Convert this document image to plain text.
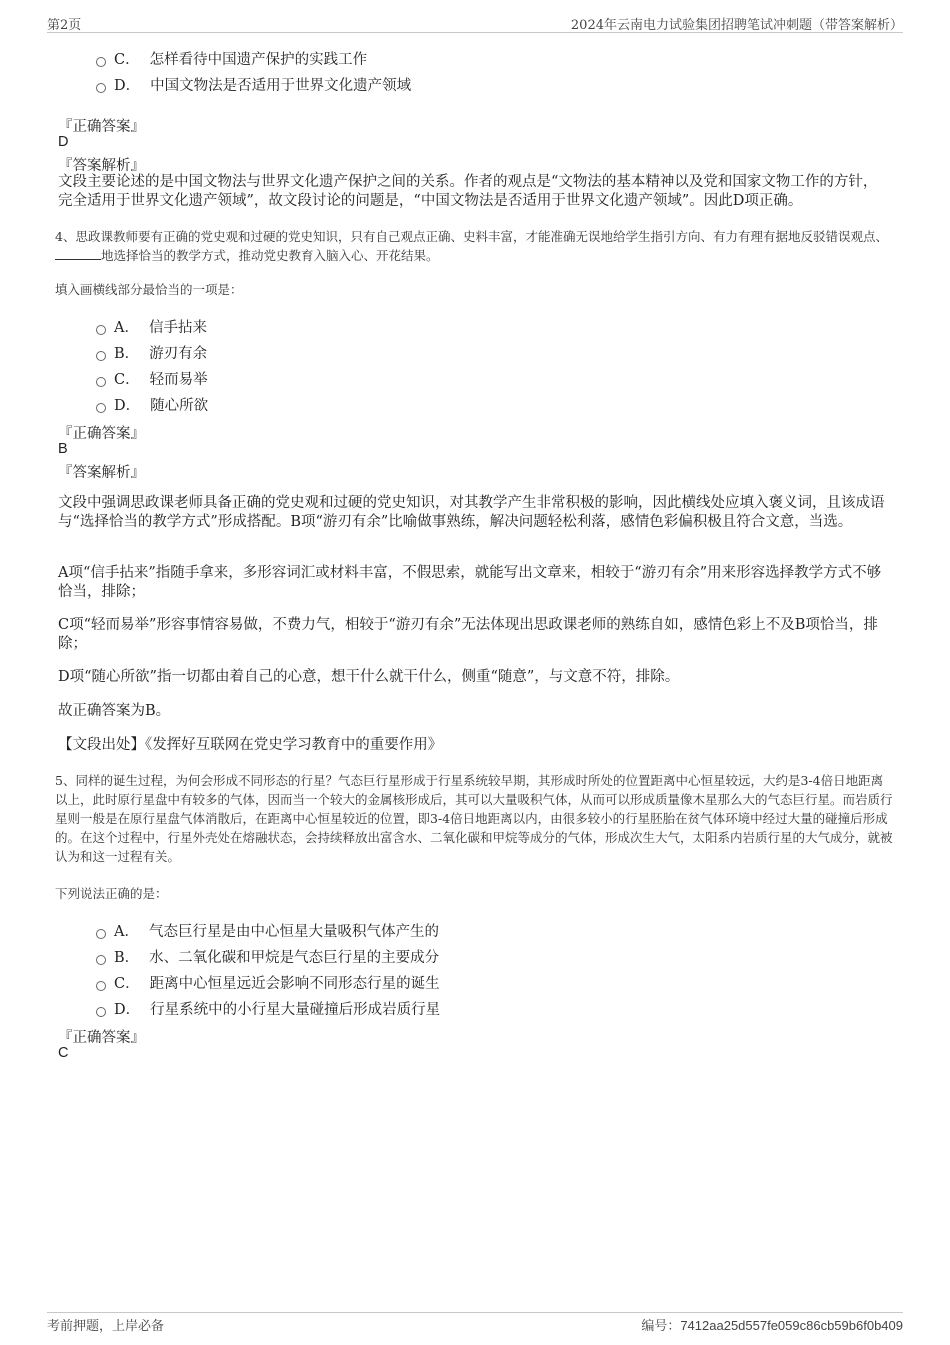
第2页	2024年云南电力试验集团招聘笔试冲刺题（带答案解析）
C． 怎样看待中国遗产保护的实践工作
D． 中国文物法是否适用于世界文化遗产领域
『正确答案』
D
『答案解析』
文段主要论述的是中国文物法与世界文化遗产保护之间的关系。作者的观点是“文物法的基本精神以及党和国家文物工作的方针，完全适用于世界文化遗产领域”，故文段讨论的问题是，“中国文物法是否适用于世界文化遗产领域”。因此D项正确。
4、思政课教师要有正确的党史观和过硬的党史知识，只有自己观点正确、史料丰富，才能准确无误地给学生指引方向、有力有理有据地反驳错误观点、地选择恰当的教学方式，推动党史教育入脑入心、开花结果。
填入画横线部分最恰当的一项是：
A． 信手拈来
B． 游刃有余
C． 轻而易举
D． 随心所欲
『正确答案』
B
『答案解析』
文段中强调思政课老师具备正确的党史观和过硬的党史知识，对其教学产生非常积极的影响，因此横线处应填入褒义词，且该成语与“选择恰当的教学方式”形成搭配。B项“游刃有余”比喻做事熟练，解决问题轻松利落，感情色彩偏积极且符合文意，当选。
A项“信手拈来”指随手拿来，多形容词汇或材料丰富，不假思索，就能写出文章来，相较于“游刃有余”用来形容选择教学方式不够恰当，排除；
C项“轻而易举”形容事情容易做，不费力气，相较于“游刃有余”无法体现出思政课老师的熟练自如，感情色彩上不及B项恰当，排除；
D项“随心所欲”指一切都由着自己的心意，想干什么就干什么，侧重“随意”，与文意不符，排除。
故正确答案为B。
【文段出处】《发挥好互联网在党史学习教育中的重要作用》
5、同样的诞生过程，为何会形成不同形态的行星？气态巨行星形成于行星系统较早期，其形成时所处的位置距离中心恒星较远，大约是3-4倍日地距离以上，此时原行星盘中有较多的气体，因而当一个较大的金属核形成后，其可以大量吸积气体，从而可以形成质量像木星那么大的气态巨行星。而岩质行星则一般是在原行星盘气体消散后，在距离中心恒星较近的位置，即3-4倍日地距离以内，由很多较小的行星胚胎在贫气体环境中经过大量的碰撞后形成的。在这个过程中，行星外壳处在熔融状态，会持续释放出富含水、二氧化碳和甲烷等成分的气体，形成次生大气，太阳系内岩质行星的大气成分，就被认为和这一过程有关。
下列说法正确的是：
A． 气态巨行星是由中心恒星大量吸积气体产生的
B． 水、二氧化碳和甲烷是气态巨行星的主要成分
C． 距离中心恒星远近会影响不同形态行星的诞生
D． 行星系统中的小行星大量碰撞后形成岩质行星
『正确答案』
C
考前押题，上岸必备	编号：7412aa25d557fe059c86cb59b6f0b409
